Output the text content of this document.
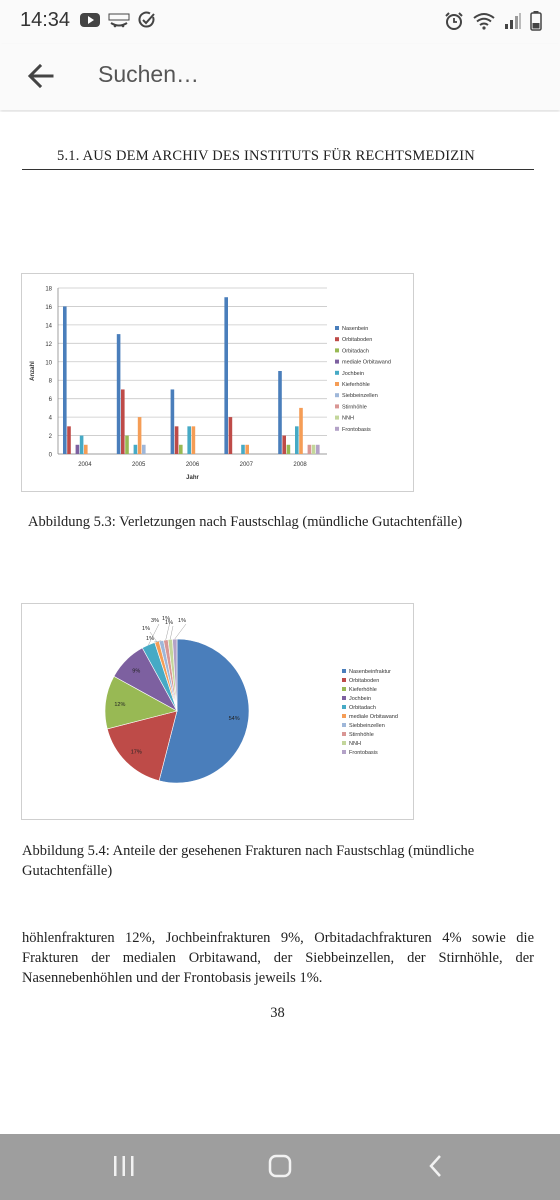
14:34
Suchen…
5.1. AUS DEM ARCHIV DES INSTITUTS FÜR RECHTSMEDIZIN
0
2
4
6
8
10
12
14
16
18
2004	2005	2006	2007	2008
Jahr
Anzahl
Nasenbein
Orbitaboden
Orbitadach
mediale Orbitawand
Jochbein
Kieferhöhle
Siebbeinzellen
Stirnhöhle
NNH
Frontobasis
Abbildung 5.3: Verletzungen nach Faustschlag (mündliche Gutachtenfälle)
54%
17%
12%
9%
3%
1%
1%
1%
1% 1%
Nasenbeinfraktur
Orbitaboden
Kieferhöhle
Jochbein
Orbitadach
mediale Orbitawand
Siebbeinzellen
Stirnhöhle
NNH
Frontobasis
Abbildung 5.4: Anteile der gesehenen Frakturen nach Faustschlag (mündliche
Gutachtenfälle)
höhlenfrakturen 12%, Jochbeinfrakturen 9%, Orbitadachfrakturen 4% sowie die Frakturen der medialen Orbitawand, der Siebbeinzellen, der Stirnhöhle, der Nasennebenhöhlen und der Frontobasis jeweils 1%.
38
